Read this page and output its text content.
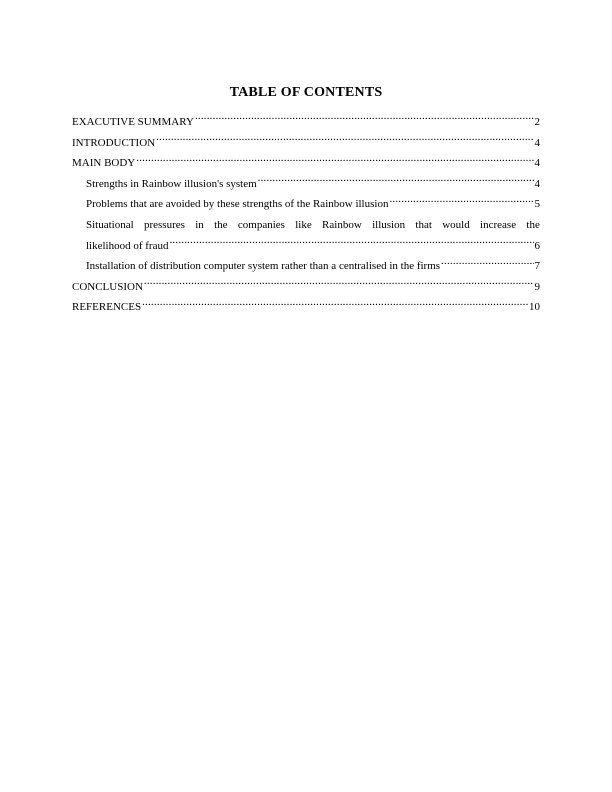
TABLE OF CONTENTS
EXACUTIVE SUMMARY .....	2
INTRODUCTION .....	4
MAIN BODY .....	4
Strengths in Rainbow illusion's system .....	4
Problems that are avoided by these strengths of the Rainbow illusion .....	5
Situational pressures in the companies like Rainbow illusion that would increase the
likelihood of fraud .....	6
Installation of distribution computer system rather than a centralised in the firms .....	7
CONCLUSION .....	9
REFERENCES .....	10
